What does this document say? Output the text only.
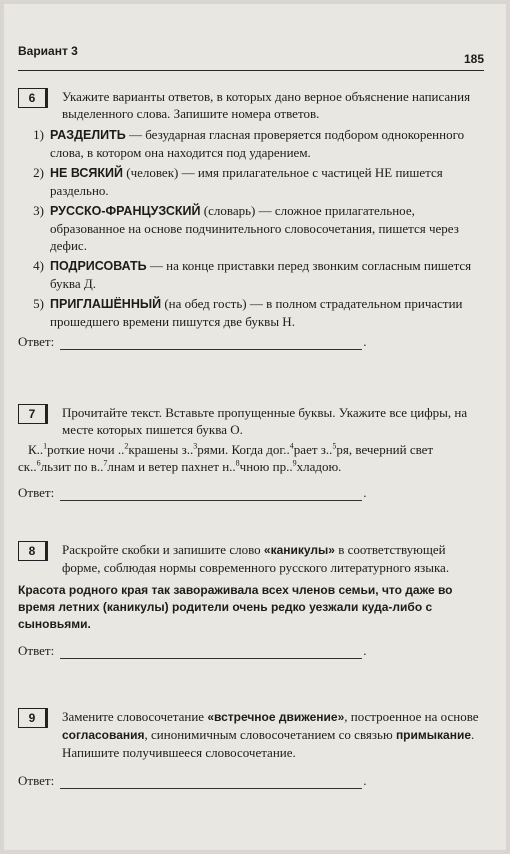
Вариант 3
185
6	Укажите варианты ответов, в которых дано верное объяснение написания выделенного слова. Запишите номера ответов.
1) РАЗДЕЛИТЬ — безударная гласная проверяется подбором однокоренного слова, в котором она находится под ударением.
2) НЕ ВСЯКИЙ (человек) — имя прилагательное с частицей НЕ пишется раздельно.
3) РУССКО-ФРАНЦУЗСКИЙ (словарь) — сложное прилагательное, образованное на основе подчинительного словосочетания, пишется через дефис.
4) ПОДРИСОВАТЬ — на конце приставки перед звонким согласным пишется буква Д.
5) ПРИГЛАШЁННЫЙ (на обед гость) — в полном страдательном причастии прошедшего времени пишутся две буквы Н.
Ответ:	.
7	Прочитайте текст. Вставьте пропущенные буквы. Укажите все цифры, на месте которых пишется буква О.
К..$^1$роткие ночи ..$^2$крашены з..$^3$рями. Когда дог..$^4$рает з..$^5$ря, вечерний свет ск..$^6$льзит по в..$^7$лнам и ветер пахнет н..$^8$чною пр..$^9$хладою.
Ответ:	.
8	Раскройте скобки и запишите слово «каникулы» в соответствующей форме, соблюдая нормы современного русского литературного языка.
Красота родного края так завораживала всех членов семьи, что даже во время летних (каникулы) родители очень редко уезжали куда-либо с сыновьями.
Ответ:	.
9	Замените словосочетание «встречное движение», построенное на основе согласования, синонимичным словосочетанием со связью примыкание. Напишите получившееся словосочетание.
Ответ:	.
